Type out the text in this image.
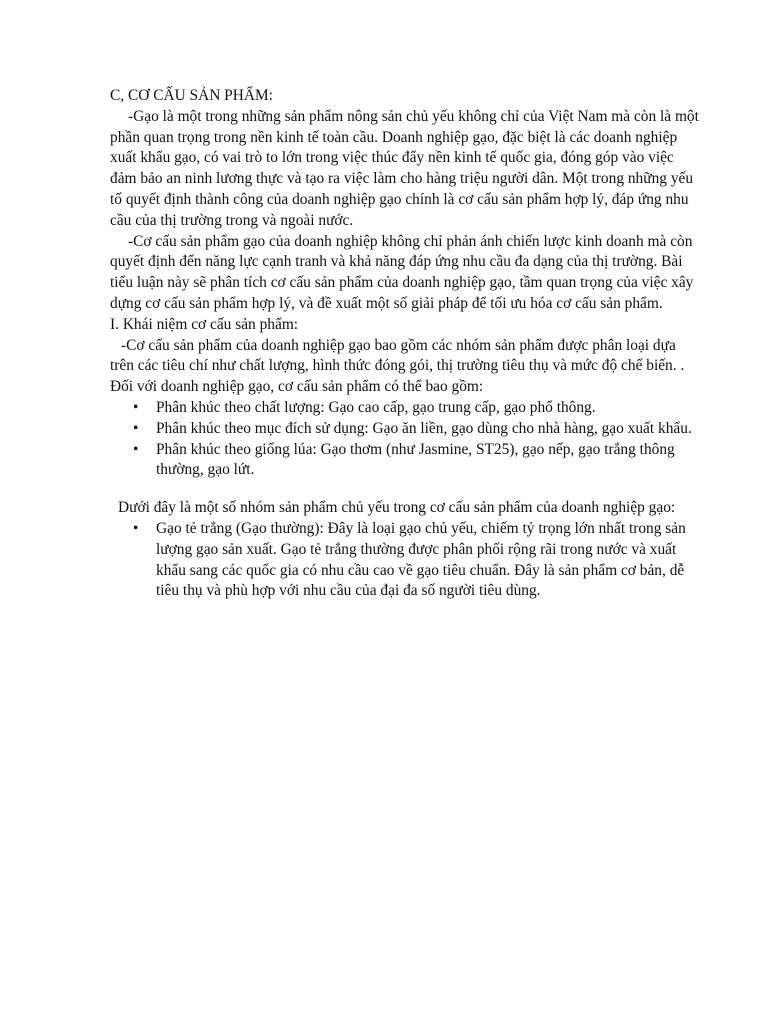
C, CƠ CẤU SẢN PHẨM:

-Gạo là một trong những sản phẩm nông sản chủ yếu không chỉ của Việt Nam mà còn là một phần quan trọng trong nền kinh tế toàn cầu. Doanh nghiệp gạo, đặc biệt là các doanh nghiệp xuất khẩu gạo, có vai trò to lớn trong việc thúc đẩy nền kinh tế quốc gia, đóng góp vào việc đảm bảo an ninh lương thực và tạo ra việc làm cho hàng triệu người dân. Một trong những yếu tố quyết định thành công của doanh nghiệp gạo chính là cơ cấu sản phẩm hợp lý, đáp ứng nhu cầu của thị trường trong và ngoài nước.

-Cơ cấu sản phẩm gạo của doanh nghiệp không chỉ phản ánh chiến lược kinh doanh mà còn quyết định đến năng lực cạnh tranh và khả năng đáp ứng nhu cầu đa dạng của thị trường. Bài tiểu luận này sẽ phân tích cơ cấu sản phẩm của doanh nghiệp gạo, tầm quan trọng của việc xây dựng cơ cấu sản phẩm hợp lý, và đề xuất một số giải pháp để tối ưu hóa cơ cấu sản phẩm.

I. Khái niệm cơ cấu sản phẩm:

-Cơ cấu sản phẩm của doanh nghiệp gạo bao gồm các nhóm sản phẩm được phân loại dựa trên các tiêu chí như chất lượng, hình thức đóng gói, thị trường tiêu thụ và mức độ chế biến. . Đối với doanh nghiệp gạo, cơ cấu sản phẩm có thể bao gồm:

• Phân khúc theo chất lượng: Gạo cao cấp, gạo trung cấp, gạo phổ thông.
• Phân khúc theo mục đích sử dụng: Gạo ăn liền, gạo dùng cho nhà hàng, gạo xuất khẩu.
• Phân khúc theo giống lúa: Gạo thơm (như Jasmine, ST25), gạo nếp, gạo trắng thông thường, gạo lứt.

Dưới đây là một số nhóm sản phẩm chủ yếu trong cơ cấu sản phẩm của doanh nghiệp gạo:

• Gạo tẻ trắng (Gạo thường): Đây là loại gạo chủ yếu, chiếm tỷ trọng lớn nhất trong sản lượng gạo sản xuất. Gạo tẻ trắng thường được phân phối rộng rãi trong nước và xuất khẩu sang các quốc gia có nhu cầu cao về gạo tiêu chuẩn. Đây là sản phẩm cơ bản, dễ tiêu thụ và phù hợp với nhu cầu của đại đa số người tiêu dùng.
